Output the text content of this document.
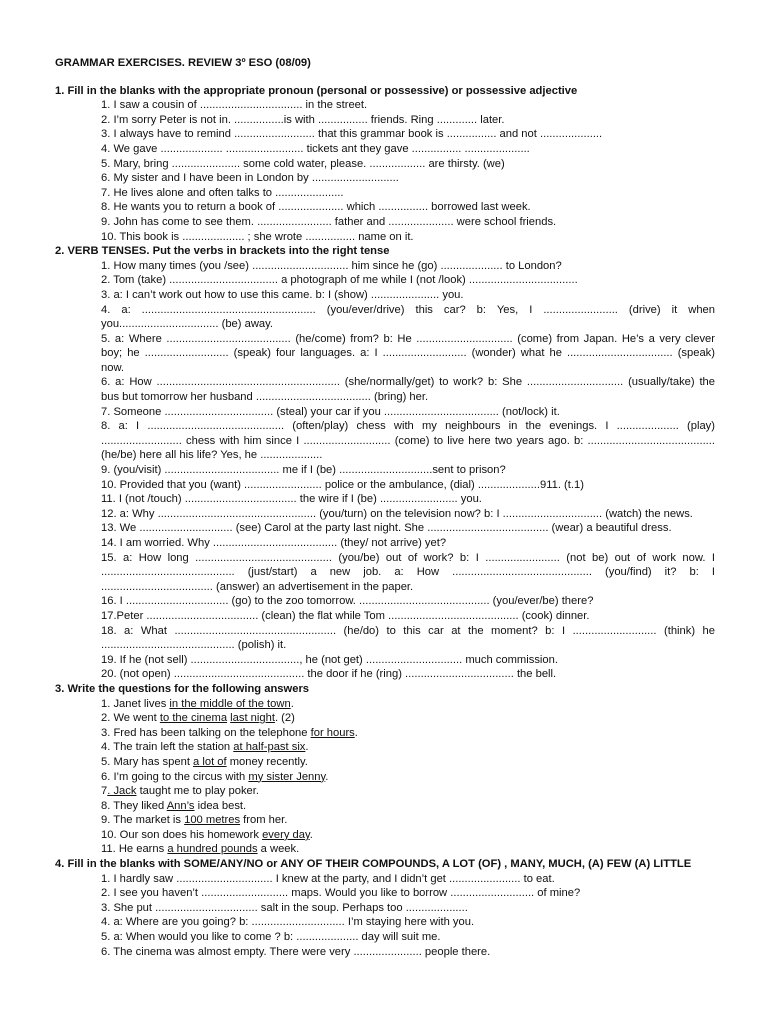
GRAMMAR EXERCISES. REVIEW 3º ESO (08/09)
1. Fill in the blanks with the appropriate pronoun (personal or possessive) or possessive adjective
1. I saw a cousin of ................................. in the street.
2. I’m sorry Peter is not in. ................is with ................ friends. Ring ............. later.
3. I always have to remind .......................... that this grammar book is ................ and not ....................
4. We gave .................... ......................... tickets ant they gave ................ .....................
5. Mary, bring ...................... some cold water, please. .................. are thirsty. (we)
6. My sister and I have been in London by ............................
7. He lives alone and often talks to ......................
8. He wants you to return a book of ..................... which ................ borrowed last week.
9. John has come to see them. ........................ father and ..................... were school friends.
10. This book is .................... ; she wrote ................ name on it.
2. VERB TENSES. Put the verbs in brackets into the right tense
1. How many times (you /see) ............................... him since he (go) .................... to London?
2. Tom (take) ................................... a photograph of me while I (not /look) ...................................
3. a: I can’t work out how to use this came. b: I (show) ...................... you.
4. a: ........................................................ (you/ever/drive) this car? b: Yes, I ........................ (drive) it when you................................ (be) away.
5. a: Where ........................................ (he/come) from? b: He ............................... (come) from Japan. He’s a very clever boy; he ........................... (speak) four languages. a: I ........................... (wonder) what he .................................. (speak) now.
6. a: How ........................................................... (she/normally/get) to work? b: She ............................... (usually/take) the bus but tomorrow her husband ..................................... (bring) her.
7. Someone ................................... (steal) your car if you ..................................... (not/lock) it.
8. a: I ............................................ (often/play) chess with my neighbours in the evenings. I .................... (play) .......................... chess with him since I ............................ (come) to live here two years ago. b: ......................................... (he/be) here all his life? Yes, he ....................
9. (you/visit) ..................................... me if I (be) ..............................sent to prison?
10. Provided that you (want) ......................... police or the ambulance, (dial) ....................911. (t.1)
11. I (not /touch) .................................... the wire if I (be) ......................... you.
12. a: Why ................................................... (you/turn) on the television now? b: I ................................ (watch) the news.
13. We .............................. (see) Carol at the party last night. She ....................................... (wear) a beautiful dress.
14. I am worried. Why ........................................ (they/ not arrive) yet?
15. a: How long ............................................ (you/be) out of work? b: I ........................ (not be) out of work now. I ........................................... (just/start) a new job. a: How ............................................. (you/find) it? b: I .................................... (answer) an advertisement in the paper.
16. I ................................. (go) to the zoo tomorrow. .......................................... (you/ever/be) there?
17.Peter .................................... (clean) the flat while Tom .......................................... (cook) dinner.
18. a: What .................................................... (he/do) to this car at the moment? b: I ........................... (think) he ........................................... (polish) it.
19. If he (not sell) ..................................., he (not get) ............................... much commission.
20. (not open) .......................................... the door if he (ring) ................................... the bell.
3. Write the questions for the following answers
1. Janet lives in the middle of the town.
2. We went to the cinema last night. (2)
3. Fred has been talking on the telephone for hours.
4. The train left the station at half-past six.
5. Mary has spent a lot of money recently.
6. I’m going to the circus with my sister Jenny.
7. Jack taught me to play poker.
8. They liked Ann’s idea best.
9. The market is 100 metres from her.
10. Our son does his homework every day.
11. He earns a hundred pounds a week.
4. Fill in the blanks with SOME/ANY/NO or ANY OF THEIR COMPOUNDS, A LOT (OF) , MANY, MUCH, (A) FEW (A) LITTLE
1. I hardly saw ............................... I knew at the party, and I didn’t get ....................... to eat.
2. I see you haven’t ............................ maps. Would you like to borrow ........................... of mine?
3. She put ................................. salt in the soup. Perhaps too ....................
4. a: Where are you going? b: .............................. I’m staying here with you.
5. a: When would you like to come ? b: .................... day will suit me.
6. The cinema was almost empty. There were very ...................... people there.
